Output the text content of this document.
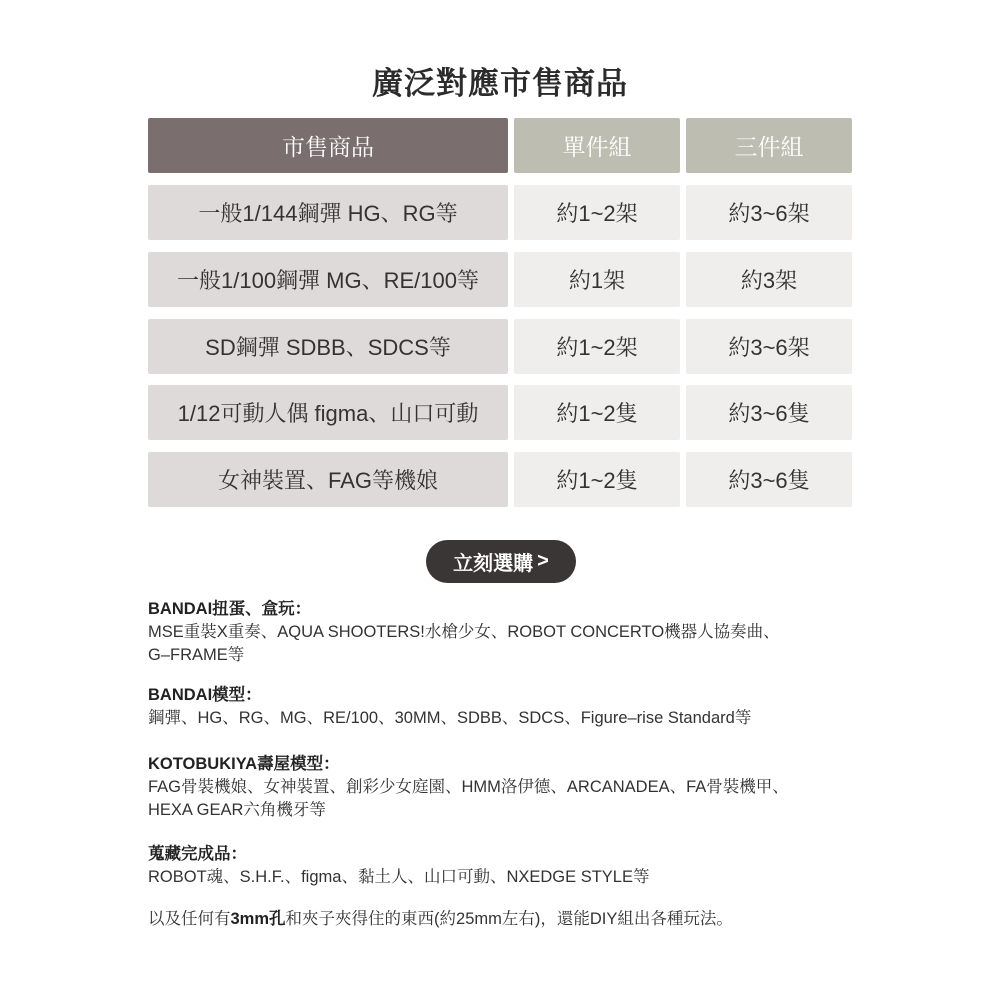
廣泛對應市售商品
市售商品	單件組	三件組
一般1/144鋼彈 HG、RG等	約1~2架	約3~6架
一般1/100鋼彈 MG、RE/100等	約1架	約3架
SD鋼彈 SDBB、SDCS等	約1~2架	約3~6架
1/12可動人偶 figma、山口可動	約1~2隻	約3~6隻
女神裝置、FAG等機娘	約1~2隻	約3~6隻
立刻選購 >
BANDAI扭蛋、盒玩：
MSE重裝X重奏、AQUA SHOOTERS!水槍少女、ROBOT CONCERTO機器人協奏曲、
G–FRAME等
BANDAI模型：
鋼彈、HG、RG、MG、RE/100、30MM、SDBB、SDCS、Figure–rise Standard等
KOTOBUKIYA壽屋模型：
FAG骨裝機娘、女神裝置、創彩少女庭園、HMM洛伊德、ARCANADEA、FA骨裝機甲、
HEXA GEAR六角機牙等
蒐藏完成品：
ROBOT魂、S.H.F.、figma、黏土人、山口可動、NXEDGE STYLE等
以及任何有3mm孔和夾子夾得住的東西(約25mm左右)，還能DIY組出各種玩法。
